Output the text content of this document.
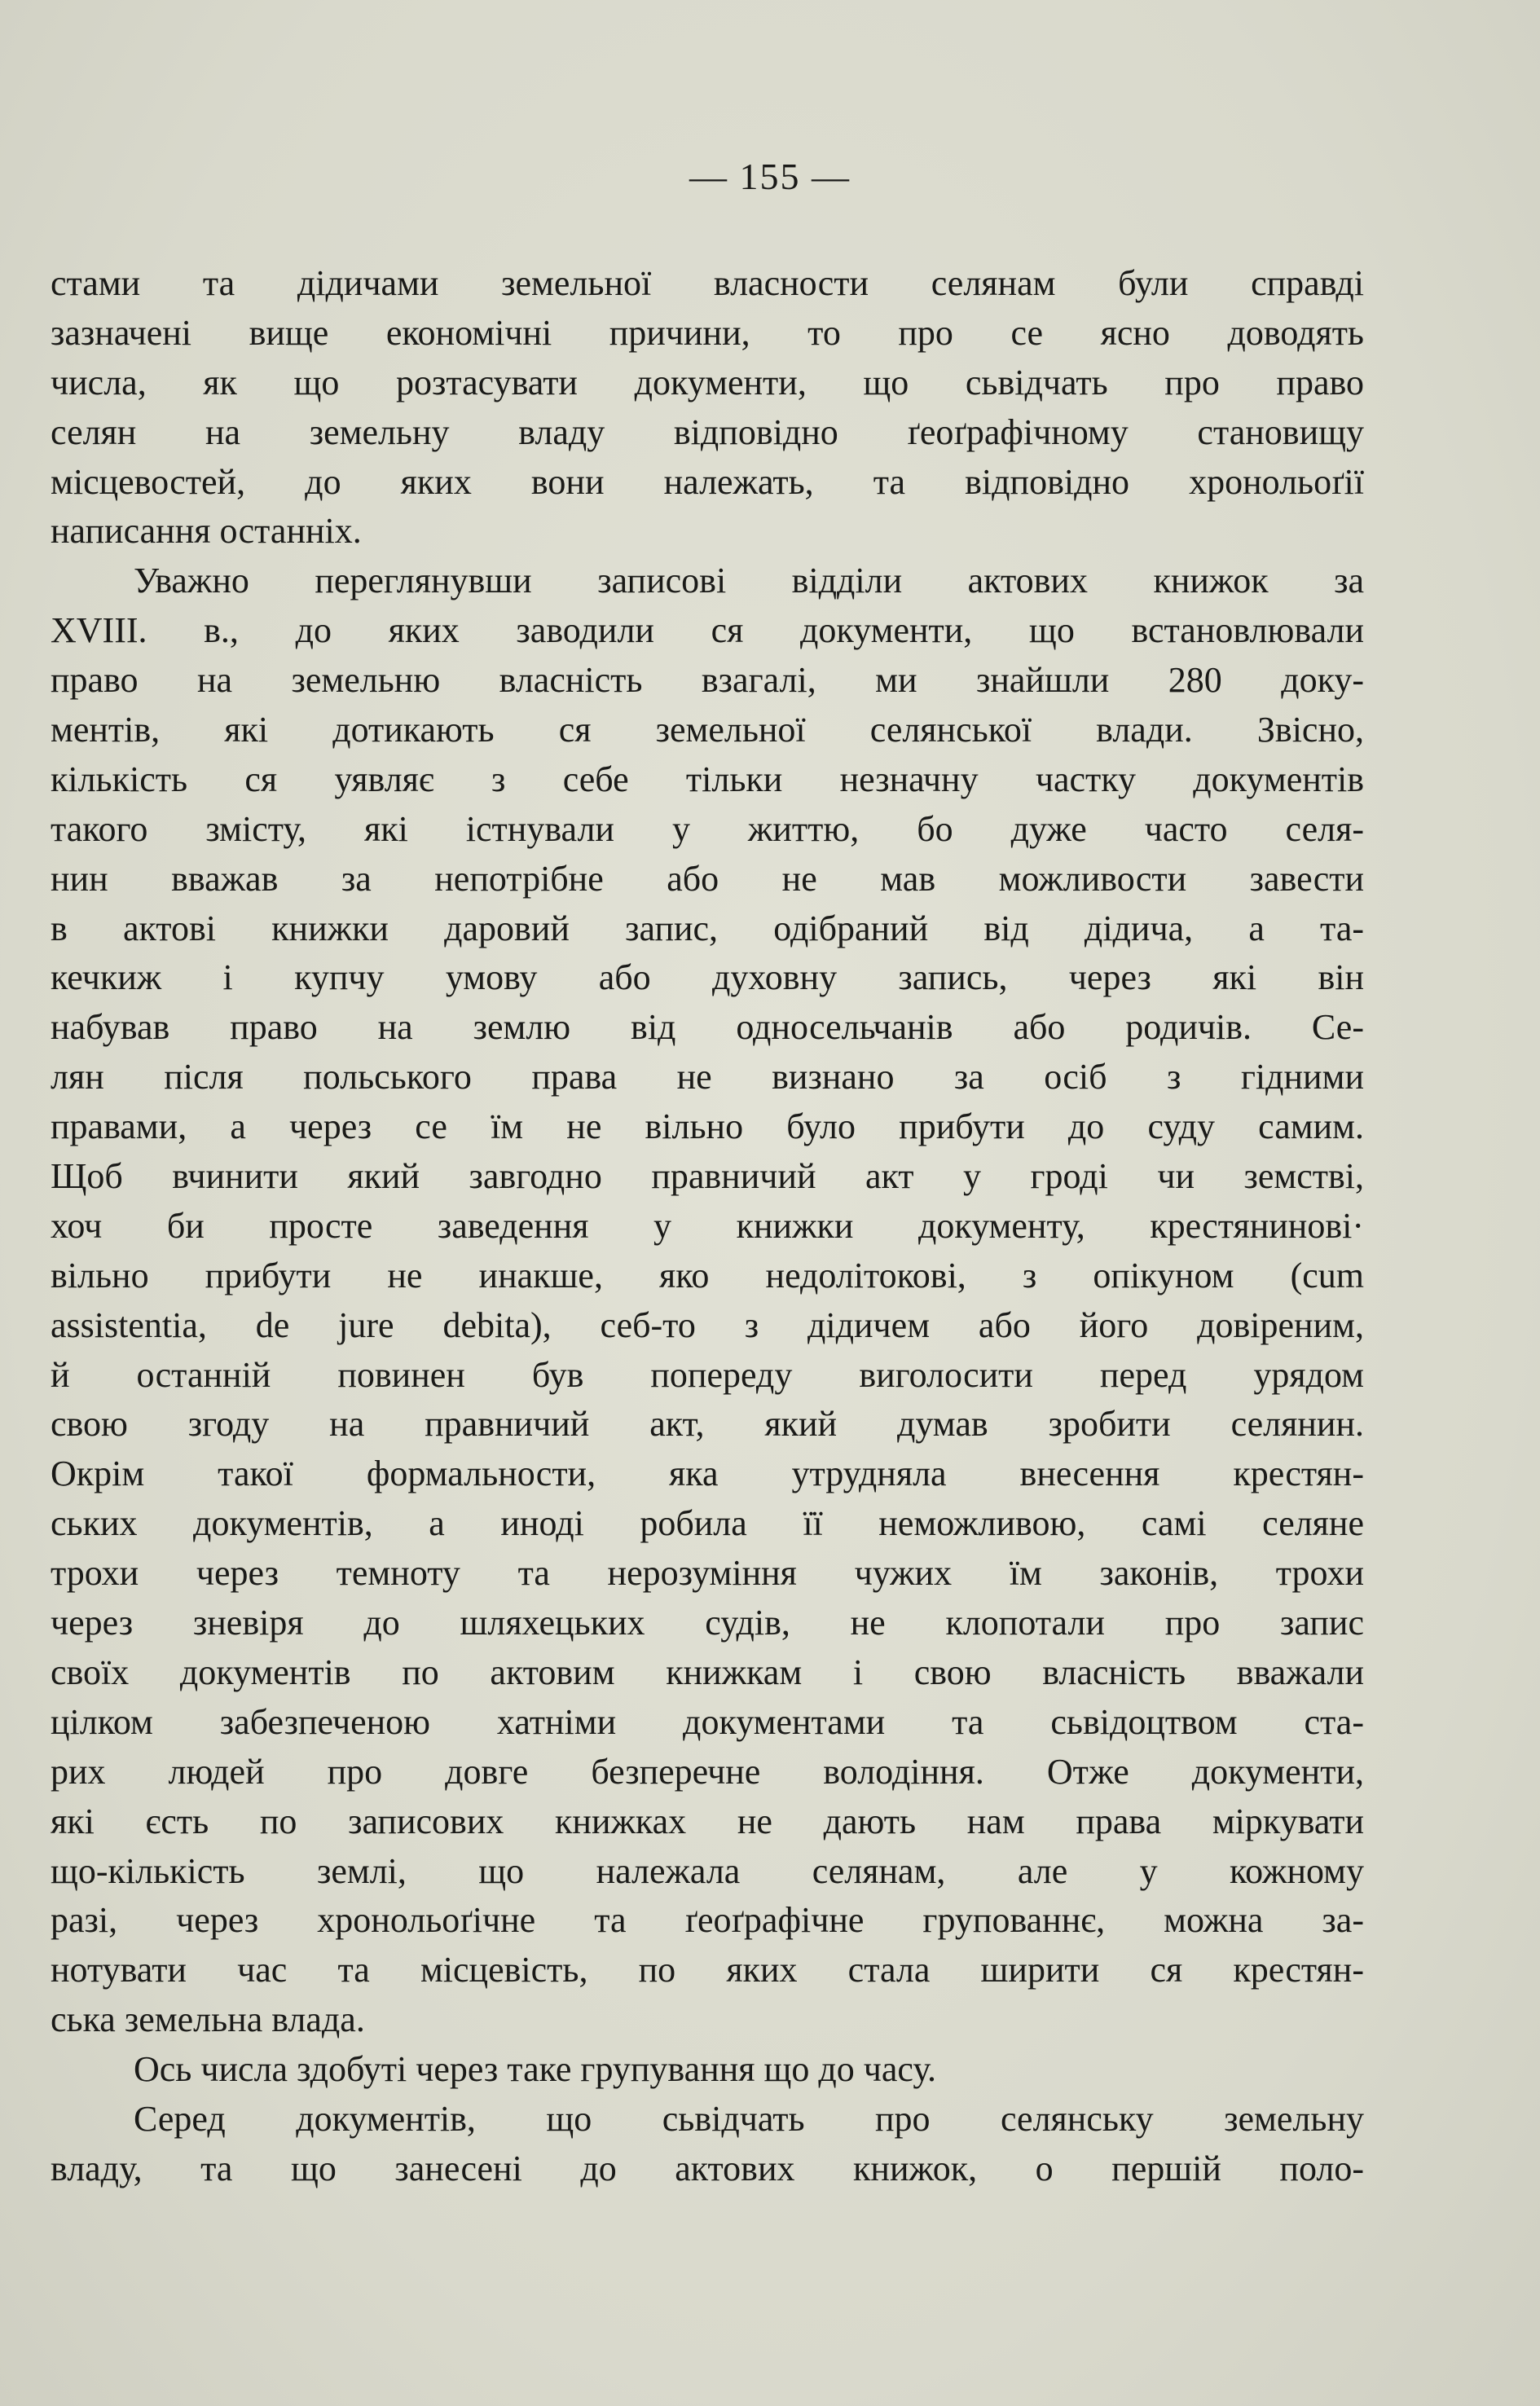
— 155 —
стами та дідичами земельної власности селянам були справді
зазначені вище економічні причини, то про се ясно доводять
числа, як що розтасувати документи, що сьвідчать про право
селян на земельну владу відповідно ґеоґрафічному становищу
місцевостей, до яких вони належать, та відповідно хронольоґії
написання останніх.
Уважно переглянувши записові відділи актових книжок за
XVIII. в., до яких заводили ся документи, що встановлювали
право на земельню власність взагалі, ми знайшли 280 доку-
ментів, які дотикають ся земельної селянської влади. Звісно,
кількість ся уявляє з себе тільки незначну частку документів
такого змісту, які істнували у життю, бо дуже часто селя-
нин вважав за непотрібне або не мав можливости завести
в актові книжки даровий запис, одібраний від дідича, а та-
кечкиж і купчу умову або духовну запись, через які він
набував право на землю від односельчанів або родичів. Се-
лян після польського права не визнано за осіб з гідними
правами, а через се їм не вільно було прибути до суду самим.
Щоб вчинити який завгодно правничий акт у гроді чи земстві,
хоч би просте заведення у книжки документу, крестянинові·
вільно прибути не инакше, яко недолітокові, з опікуном (cum
assistentia, de jure debita), себ-то з дідичем або його довіреним,
й останній повинен був попереду виголосити перед урядом
свою згоду на правничий акт, який думав зробити селянин.
Окрім такої формальности, яка утрудняла внесення крестян-
ських документів, а иноді робила її неможливою, самі селяне
трохи через темноту та нерозуміння чужих їм законів, трохи
через зневіря до шляхецьких судів, не клопотали про запис
своїх документів по актовим книжкам і свою власність вважали
цілком забезпеченою хатніми документами та сьвідоцтвом ста-
рих людей про довге безперечне володіння. Отже документи,
які єсть по записових книжках не дають нам права міркувати
що-кількість землі, що належала селянам, але у кожному
разі, через хронольоґічне та ґеоґрафічне групованнє, можна за-
нотувати час та місцевість, по яких стала ширити ся крестян-
ська земельна влада.
Ось числа здобуті через таке групування що до часу.
Серед документів, що сьвідчать про селянську земельну
владу, та що занесені до актових книжок, о першій поло-
